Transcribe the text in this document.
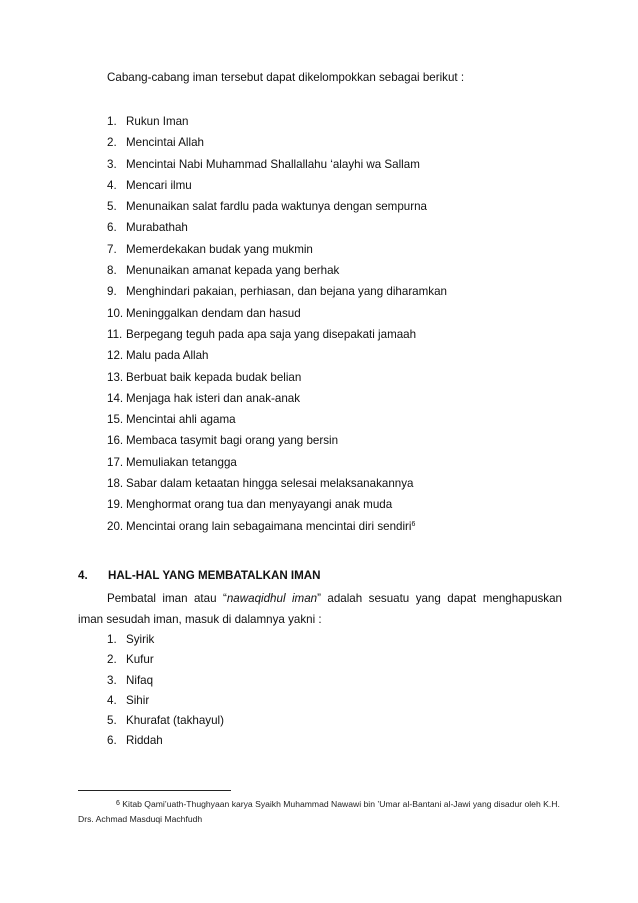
Cabang-cabang iman tersebut dapat dikelompokkan sebagai berikut :
1. Rukun Iman
2. Mencintai Allah
3. Mencintai Nabi Muhammad Shallallahu ‘alayhi wa Sallam
4. Mencari ilmu
5. Menunaikan salat fardlu pada waktunya dengan sempurna
6. Murabathah
7. Memerdekakan budak yang mukmin
8. Menunaikan amanat kepada yang berhak
9. Menghindari pakaian, perhiasan, dan bejana yang diharamkan
10. Meninggalkan dendam dan hasud
11. Berpegang teguh pada apa saja yang disepakati jamaah
12. Malu pada Allah
13. Berbuat baik kepada budak belian
14. Menjaga hak isteri dan anak-anak
15. Mencintai ahli agama
16. Membaca tasymit bagi orang yang bersin
17. Memuliakan tetangga
18. Sabar dalam ketaatan hingga selesai melaksanakannya
19. Menghormat orang tua dan menyayangi anak muda
20. Mencintai orang lain sebagaimana mencintai diri sendiri$^6$
4. HAL-HAL YANG MEMBATALKAN IMAN
Pembatal iman atau “nawaqidhul iman” adalah sesuatu yang dapat menghapuskan
iman sesudah iman, masuk di dalamnya yakni :
1. Syirik
2. Kufur
3. Nifaq
4. Sihir
5. Khurafat (takhayul)
6. Riddah
6 Kitab Qami’uath-Thughyaan karya Syaikh Muhammad Nawawi bin ’Umar al-Bantani al-Jawi yang disadur oleh K.H. Drs. Achmad Masduqi Machfudh
